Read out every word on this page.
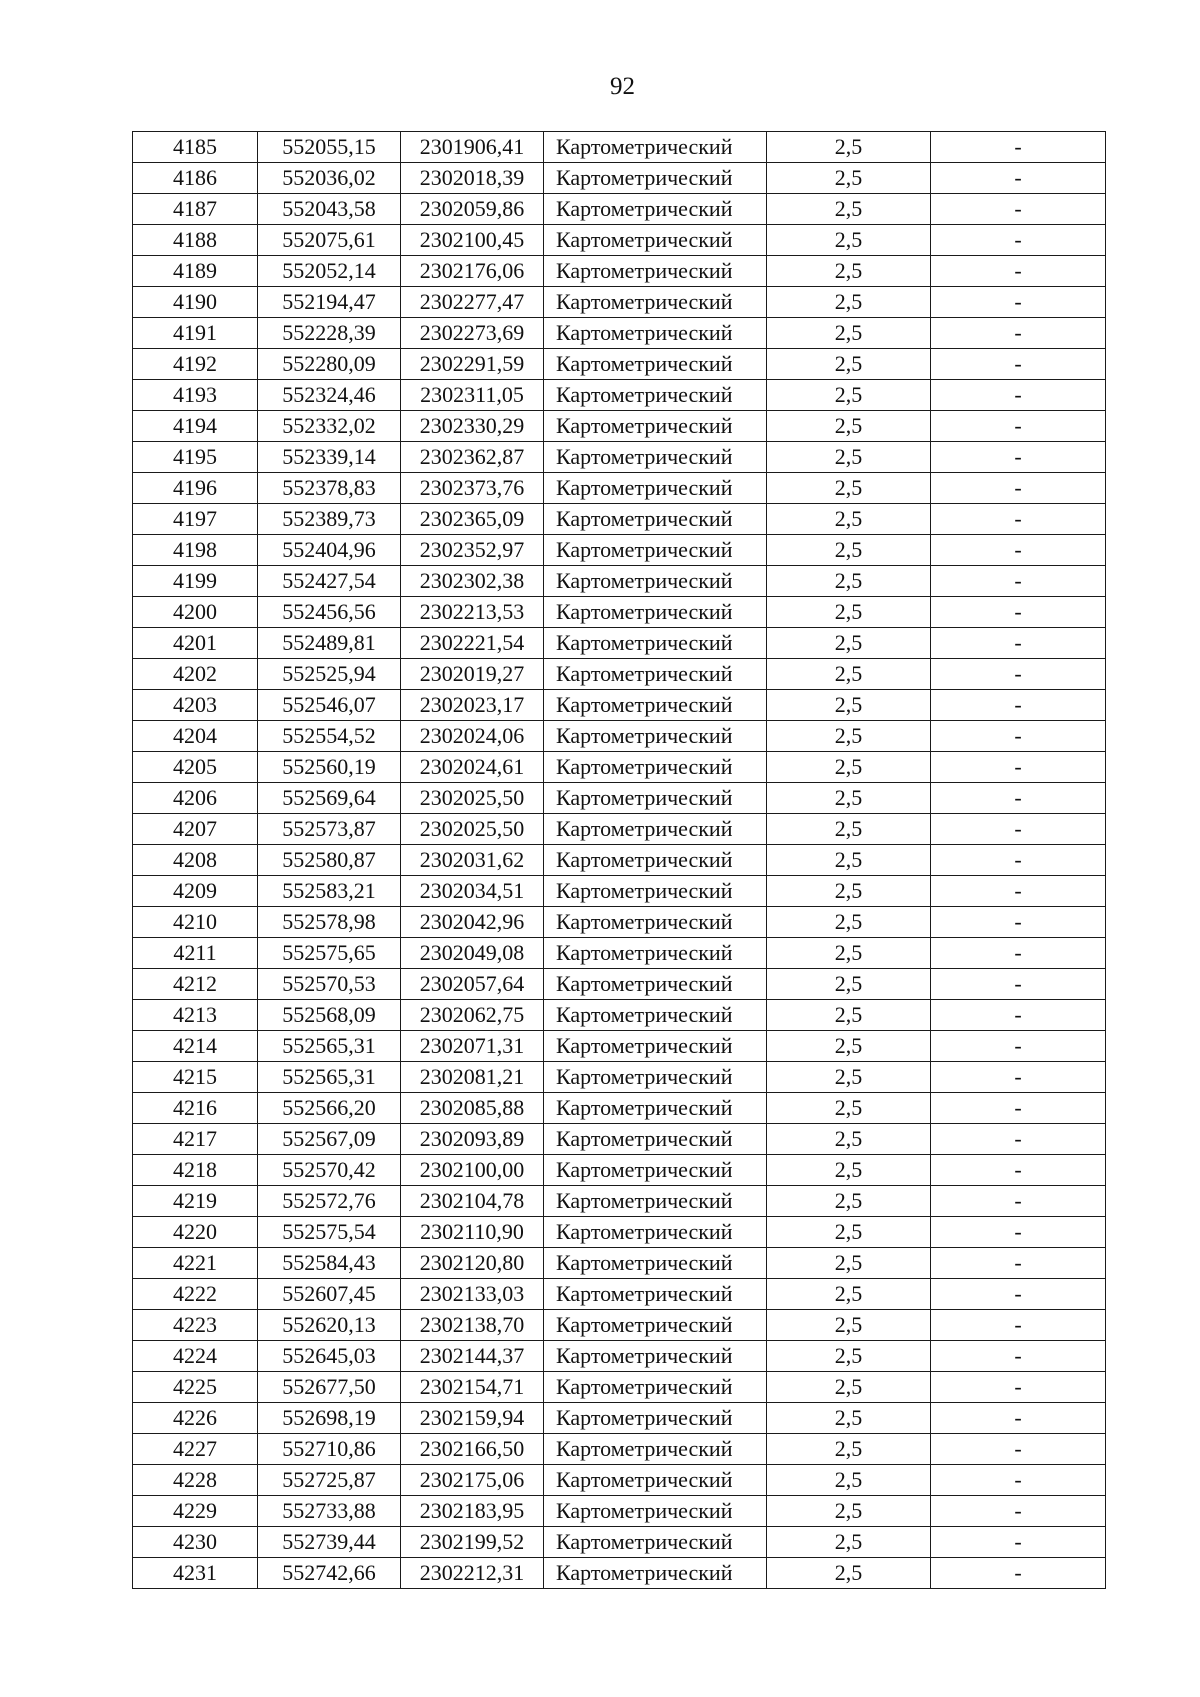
92
4185	552055,15	2301906,41	Картометрический	2,5	-
4186	552036,02	2302018,39	Картометрический	2,5	-
4187	552043,58	2302059,86	Картометрический	2,5	-
4188	552075,61	2302100,45	Картометрический	2,5	-
4189	552052,14	2302176,06	Картометрический	2,5	-
4190	552194,47	2302277,47	Картометрический	2,5	-
4191	552228,39	2302273,69	Картометрический	2,5	-
4192	552280,09	2302291,59	Картометрический	2,5	-
4193	552324,46	2302311,05	Картометрический	2,5	-
4194	552332,02	2302330,29	Картометрический	2,5	-
4195	552339,14	2302362,87	Картометрический	2,5	-
4196	552378,83	2302373,76	Картометрический	2,5	-
4197	552389,73	2302365,09	Картометрический	2,5	-
4198	552404,96	2302352,97	Картометрический	2,5	-
4199	552427,54	2302302,38	Картометрический	2,5	-
4200	552456,56	2302213,53	Картометрический	2,5	-
4201	552489,81	2302221,54	Картометрический	2,5	-
4202	552525,94	2302019,27	Картометрический	2,5	-
4203	552546,07	2302023,17	Картометрический	2,5	-
4204	552554,52	2302024,06	Картометрический	2,5	-
4205	552560,19	2302024,61	Картометрический	2,5	-
4206	552569,64	2302025,50	Картометрический	2,5	-
4207	552573,87	2302025,50	Картометрический	2,5	-
4208	552580,87	2302031,62	Картометрический	2,5	-
4209	552583,21	2302034,51	Картометрический	2,5	-
4210	552578,98	2302042,96	Картометрический	2,5	-
4211	552575,65	2302049,08	Картометрический	2,5	-
4212	552570,53	2302057,64	Картометрический	2,5	-
4213	552568,09	2302062,75	Картометрический	2,5	-
4214	552565,31	2302071,31	Картометрический	2,5	-
4215	552565,31	2302081,21	Картометрический	2,5	-
4216	552566,20	2302085,88	Картометрический	2,5	-
4217	552567,09	2302093,89	Картометрический	2,5	-
4218	552570,42	2302100,00	Картометрический	2,5	-
4219	552572,76	2302104,78	Картометрический	2,5	-
4220	552575,54	2302110,90	Картометрический	2,5	-
4221	552584,43	2302120,80	Картометрический	2,5	-
4222	552607,45	2302133,03	Картометрический	2,5	-
4223	552620,13	2302138,70	Картометрический	2,5	-
4224	552645,03	2302144,37	Картометрический	2,5	-
4225	552677,50	2302154,71	Картометрический	2,5	-
4226	552698,19	2302159,94	Картометрический	2,5	-
4227	552710,86	2302166,50	Картометрический	2,5	-
4228	552725,87	2302175,06	Картометрический	2,5	-
4229	552733,88	2302183,95	Картометрический	2,5	-
4230	552739,44	2302199,52	Картометрический	2,5	-
4231	552742,66	2302212,31	Картометрический	2,5	-
